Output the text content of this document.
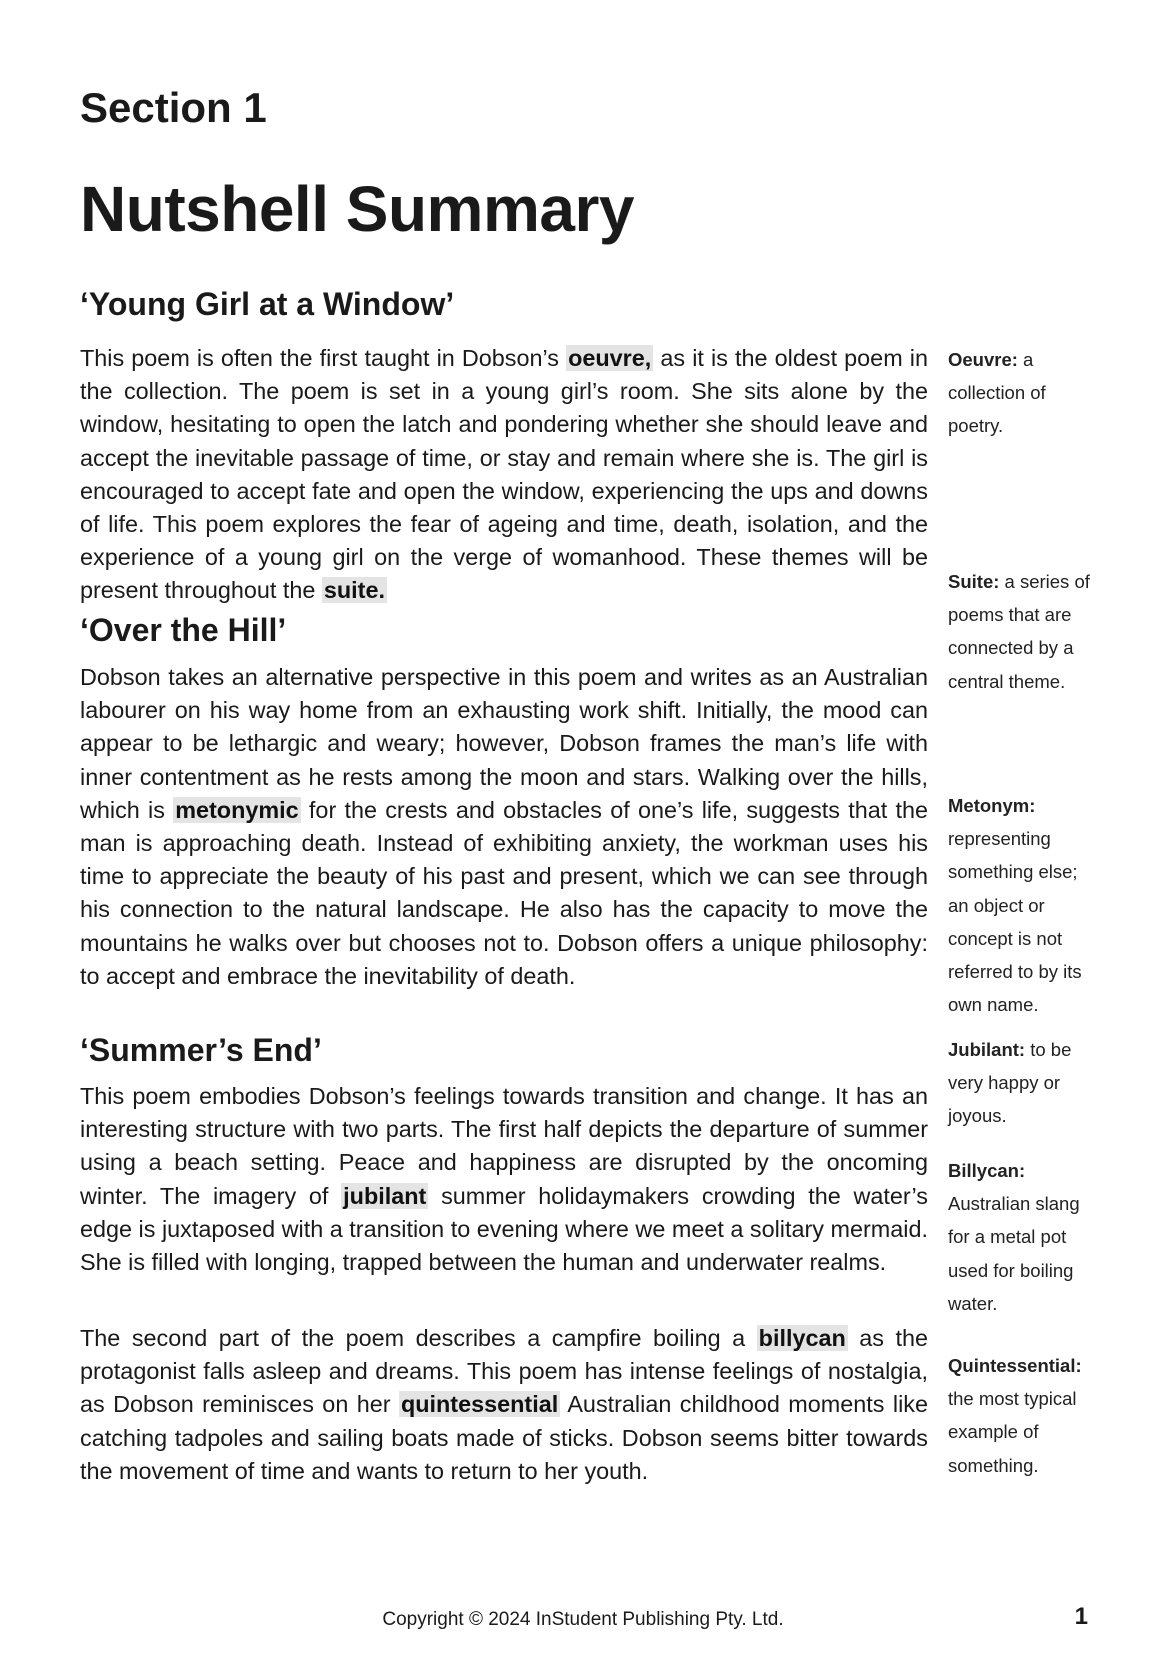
Section 1
Nutshell Summary
‘Young Girl at a Window’

This poem is often the first taught in Dobson’s oeuvre, as it is the oldest poem in the collection. The poem is set in a young girl’s room. She sits alone by the window, hesitating to open the latch and pondering whether she should leave and accept the inevitable passage of time, or stay and remain where she is. The girl is encouraged to accept fate and open the window, experiencing the ups and downs of life. This poem explores the fear of ageing and time, death, isolation, and the experience of a young girl on the verge of womanhood. These themes will be present throughout the suite.

‘Over the Hill’

Dobson takes an alternative perspective in this poem and writes as an Australian labourer on his way home from an exhausting work shift. Initially, the mood can appear to be lethargic and weary; however, Dobson frames the man’s life with inner contentment as he rests among the moon and stars. Walking over the hills, which is metonymic for the crests and obstacles of one’s life, suggests that the man is approaching death. Instead of exhibiting anxiety, the workman uses his time to appreciate the beauty of his past and present, which we can see through his connection to the natural landscape. He also has the capacity to move the mountains he walks over but chooses not to. Dobson offers a unique philosophy: to accept and embrace the inevitability of death.

‘Summer’s End’

This poem embodies Dobson’s feelings towards transition and change. It has an interesting structure with two parts. The first half depicts the departure of summer using a beach setting. Peace and happiness are disrupted by the oncoming winter. The imagery of jubilant summer holidaymakers crowding the water’s edge is juxtaposed with a transition to evening where we meet a solitary mermaid. She is filled with longing, trapped between the human and underwater realms.

The second part of the poem describes a campfire boiling a billycan as the protagonist falls asleep and dreams. This poem has intense feelings of nostalgia, as Dobson reminisces on her quintessential Australian childhood moments like catching tadpoles and sailing boats made of sticks. Dobson seems bitter towards the movement of time and wants to return to her youth.

Oeuvre: a collection of poetry.

Suite: a series of poems that are connected by a central theme.

Metonym: representing something else; an object or concept is not referred to by its own name.

Jubilant: to be very happy or joyous.

Billycan: Australian slang for a metal pot used for boiling water.

Quintessential: the most typical example of something.

Copyright © 2024 InStudent Publishing Pty. Ltd.	1
